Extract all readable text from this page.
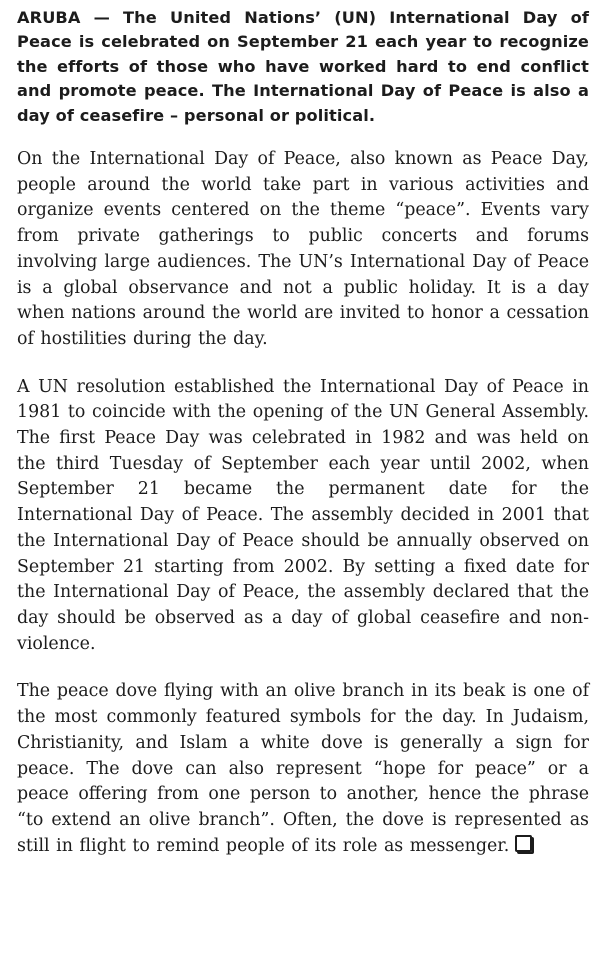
ARUBA — The United Nations’ (UN) International Day of Peace is celebrated on September 21 each year to recognize the efforts of those who have worked hard to end conflict and promote peace. The International Day of Peace is also a day of ceasefire – personal or political.

On the International Day of Peace, also known as Peace Day, people around the world take part in various activities and organize events centered on the theme “peace”. Events vary from private gatherings to public concerts and forums involving large audiences. The UN’s International Day of Peace is a global observance and not a public holiday. It is a day when nations around the world are invited to honor a cessation of hostilities during the day.

A UN resolution established the International Day of Peace in 1981 to coincide with the opening of the UN General Assembly. The first Peace Day was celebrated in 1982 and was held on the third Tuesday of September each year until 2002, when September 21 became the permanent date for the International Day of Peace. The assembly decided in 2001 that the International Day of Peace should be annually observed on September 21 starting from 2002. By setting a fixed date for the International Day of Peace, the assembly declared that the day should be observed as a day of global ceasefire and non-violence.

The peace dove flying with an olive branch in its beak is one of the most commonly featured symbols for the day. In Judaism, Christianity, and Islam a white dove is generally a sign for peace. The dove can also represent “hope for peace” or a peace offering from one person to another, hence the phrase “to extend an olive branch”. Often, the dove is represented as still in flight to remind people of its role as messenger.
